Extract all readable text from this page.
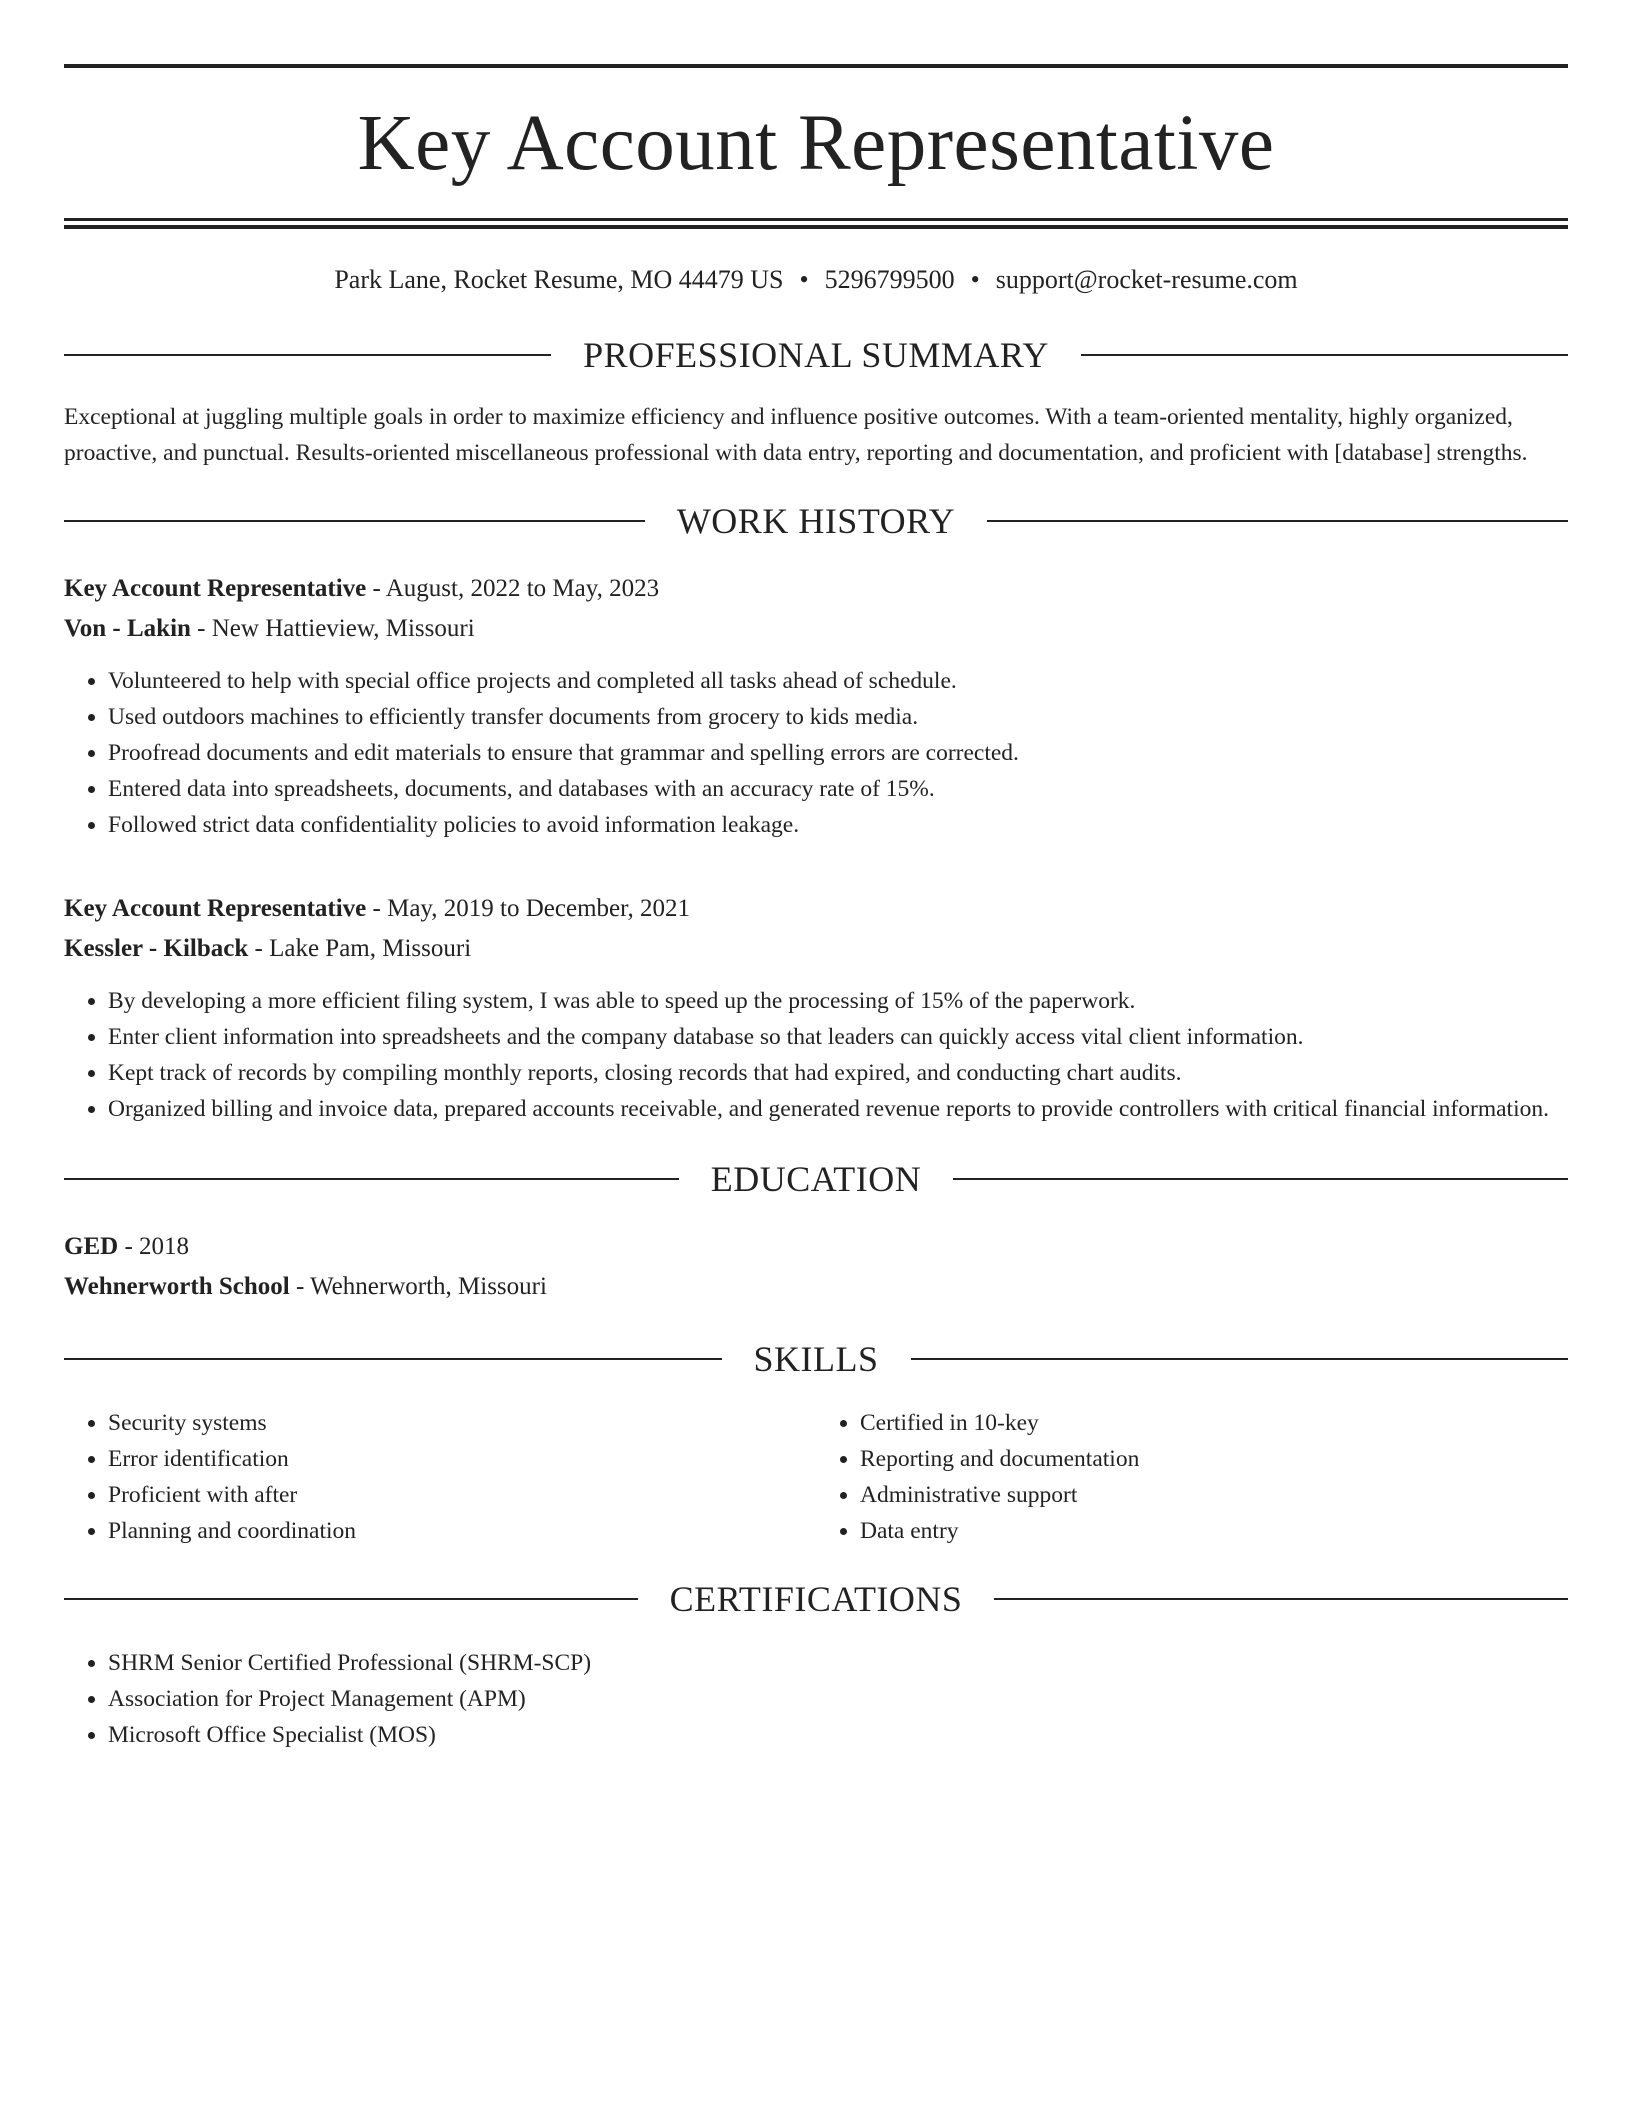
Key Account Representative
Park Lane, Rocket Resume, MO 44479 US • 5296799500 • support@rocket-resume.com
PROFESSIONAL SUMMARY

Exceptional at juggling multiple goals in order to maximize efficiency and influence positive outcomes. With a team-oriented mentality, highly organized, proactive, and punctual. Results-oriented miscellaneous professional with data entry, reporting and documentation, and proficient with [database] strengths.

WORK HISTORY
Key Account Representative - August, 2022 to May, 2023
Von - Lakin - New Hattieview, Missouri
• Volunteered to help with special office projects and completed all tasks ahead of schedule.
• Used outdoors machines to efficiently transfer documents from grocery to kids media.
• Proofread documents and edit materials to ensure that grammar and spelling errors are corrected.
• Entered data into spreadsheets, documents, and databases with an accuracy rate of 15%.
• Followed strict data confidentiality policies to avoid information leakage.
Key Account Representative - May, 2019 to December, 2021
Kessler - Kilback - Lake Pam, Missouri
• By developing a more efficient filing system, I was able to speed up the processing of 15% of the paperwork.
• Enter client information into spreadsheets and the company database so that leaders can quickly access vital client information.
• Kept track of records by compiling monthly reports, closing records that had expired, and conducting chart audits.
• Organized billing and invoice data, prepared accounts receivable, and generated revenue reports to provide controllers with critical financial information.
EDUCATION
GED - 2018
Wehnerworth School - Wehnerworth, Missouri
SKILLS
• Security systems
• Error identification
• Proficient with after
• Planning and coordination
• Certified in 10-key
• Reporting and documentation
• Administrative support
• Data entry
CERTIFICATIONS
• SHRM Senior Certified Professional (SHRM-SCP)
• Association for Project Management (APM)
• Microsoft Office Specialist (MOS)
